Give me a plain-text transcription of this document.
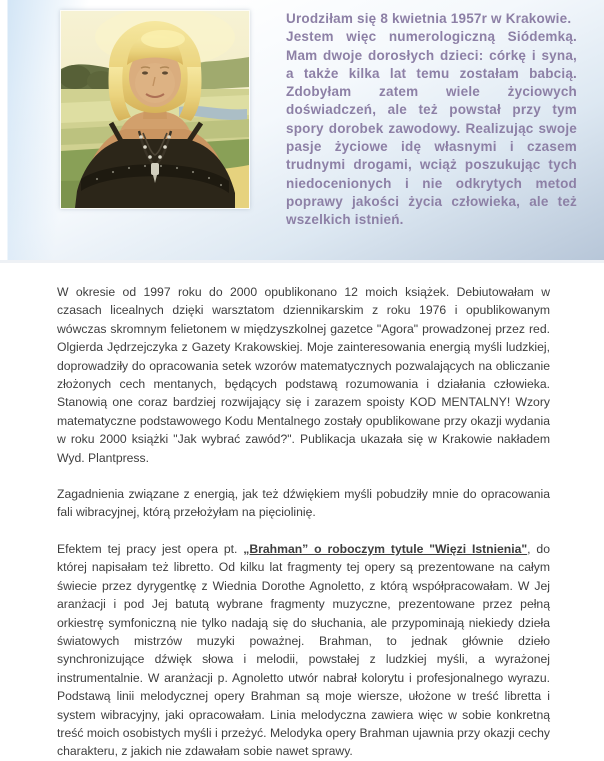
Urodziłam się 8 kwietnia 1957r w Krakowie.

Jestem więc numerologiczną Siódemką. Mam dwoje dorosłych dzieci: córkę i syna, a także kilka lat temu zostałam babcią. Zdobyłam zatem wiele życiowych doświadczeń, ale też powstał przy tym spory dorobek zawodowy. Realizując swoje pasje życiowe idę własnymi i czasem trudnymi drogami, wciąż poszukując tych niedocenionych i nie odkrytych metod poprawy jakości życia człowieka, ale też wszelkich istnień.

W okresie od 1997 roku do 2000 opublikonano 12 moich książek. Debiutowałam w czasach licealnych dzięki warsztatom dziennikarskim z roku 1976 i opublikowanym wówczas skromnym felietonem w międzyszkolnej gazetce "Agora" prowadzonej przez red. Olgierda Jędrzejczyka z Gazety Krakowskiej. Moje zainteresowania energią myśli ludzkiej, doprowadziły do opracowania setek wzorów matematycznych pozwalających na obliczanie złożonych cech mentanych, będących podstawą rozumowania i działania człowieka. Stanowią one coraz bardziej rozwijający się i zarazem spoisty KOD MENTALNY! Wzory matematyczne podstawowego Kodu Mentalnego zostały opublikowane przy okazji wydania w roku 2000 książki "Jak wybrać zawód?". Publikacja ukazała się w Krakowie nakładem Wyd. Plantpress.

Zagadnienia związane z energią, jak też dźwiękiem myśli pobudziły mnie do opracowania fali wibracyjnej, którą przełożyłam na pięciolinię.

Efektem tej pracy jest opera pt. „Brahman” o roboczym tytule "Więzi Istnienia", do której napisałam też libretto. Od kilku lat fragmenty tej opery są prezentowane na całym świecie przez dyrygentkę z Wiednia Dorothe Agnoletto, z którą współpracowałam. W Jej aranżacji i pod Jej batutą wybrane fragmenty muzyczne, prezentowane przez pełną orkiestrę symfoniczną nie tylko nadają się do słuchania, ale przypominają niekiedy dzieła światowych mistrzów muzyki poważnej. Brahman, to jednak głównie dzieło synchronizujące dźwięk słowa i melodii, powstałej z ludzkiej myśli, a wyrażonej instrumentalnie. W aranżacji p. Agnoletto utwór nabrał kolorytu i profesjonalnego wyrazu. Podstawą linii melodycznej opery Brahman są moje wiersze, ułożone w treść libretta i system wibracyjny, jaki opracowałam. Linia melodyczna zawiera więc w sobie konkretną treść moich osobistych myśli i przeżyć. Melodyka opery Brahman ujawnia przy okazji cechy charakteru, z jakich nie zdawałam sobie nawet sprawy.
